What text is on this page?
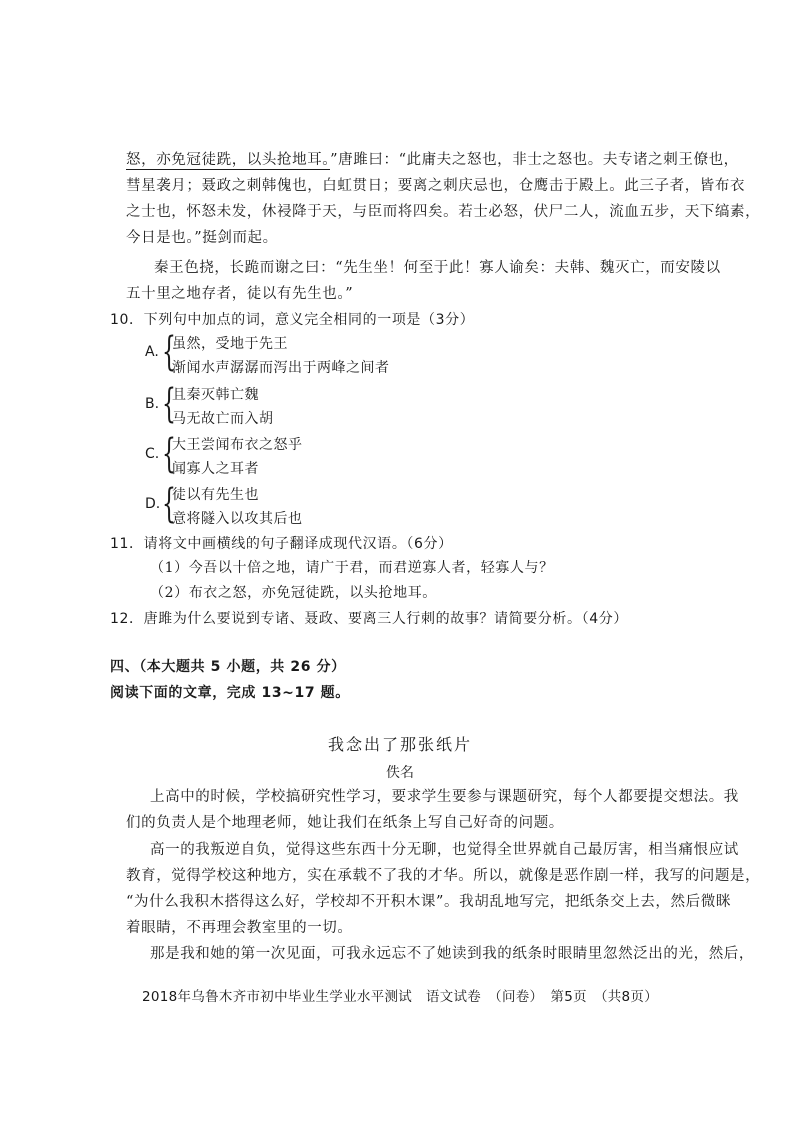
怒，亦免冠徒跣，以头抢地耳。”唐雎曰：“此庸夫之怒也，非士之怒也。夫专诸之刺王僚也，
彗星袭月；聂政之刺韩傀也，白虹贯日；要离之刺庆忌也，仓鹰击于殿上。此三子者，皆布衣
之士也，怀怒未发，休祲降于天，与臣而将四矣。若士必怒，伏尸二人，流血五步，天下缟素，
今日是也。”挺剑而起。
秦王色挠，长跪而谢之曰：“先生坐！何至于此！寡人谕矣：夫韩、魏灭亡，而安陵以
五十里之地存者，徒以有先生也。”
10．下列句中加点的词，意义完全相同的一项是（3分）
A. {
虽然，受地于先王
渐闻水声潺潺而泻出于两峰之间者
B. {
且秦灭韩亡魏
马无故亡而入胡
C. {
大王尝闻布衣之怒乎
闻寡人之耳者
D. {
徒以有先生也
意将隧入以攻其后也
11．请将文中画横线的句子翻译成现代汉语。（6分）
（1）今吾以十倍之地，请广于君，而君逆寡人者，轻寡人与？
（2）布衣之怒，亦免冠徒跣，以头抢地耳。
12．唐雎为什么要说到专诸、聂政、要离三人行刺的故事？请简要分析。（4分）
四、（本大题共 5 小题，共 26 分）
阅读下面的文章，完成 13~17 题。
我念出了那张纸片
佚名
上高中的时候，学校搞研究性学习，要求学生要参与课题研究，每个人都要提交想法。我
们的负责人是个地理老师，她让我们在纸条上写自己好奇的问题。
高一的我叛逆自负，觉得这些东西十分无聊，也觉得全世界就自己最厉害，相当痛恨应试
教育，觉得学校这种地方，实在承载不了我的才华。所以，就像是恶作剧一样，我写的问题是，
“为什么我积木搭得这么好，学校却不开积木课”。我胡乱地写完，把纸条交上去，然后微眯
着眼睛，不再理会教室里的一切。
那是我和她的第一次见面，可我永远忘不了她读到我的纸条时眼睛里忽然泛出的光，然后，
2018年乌鲁木齐市初中毕业生学业水平测试　语文试卷　（问卷）　第5页　（共8页）
